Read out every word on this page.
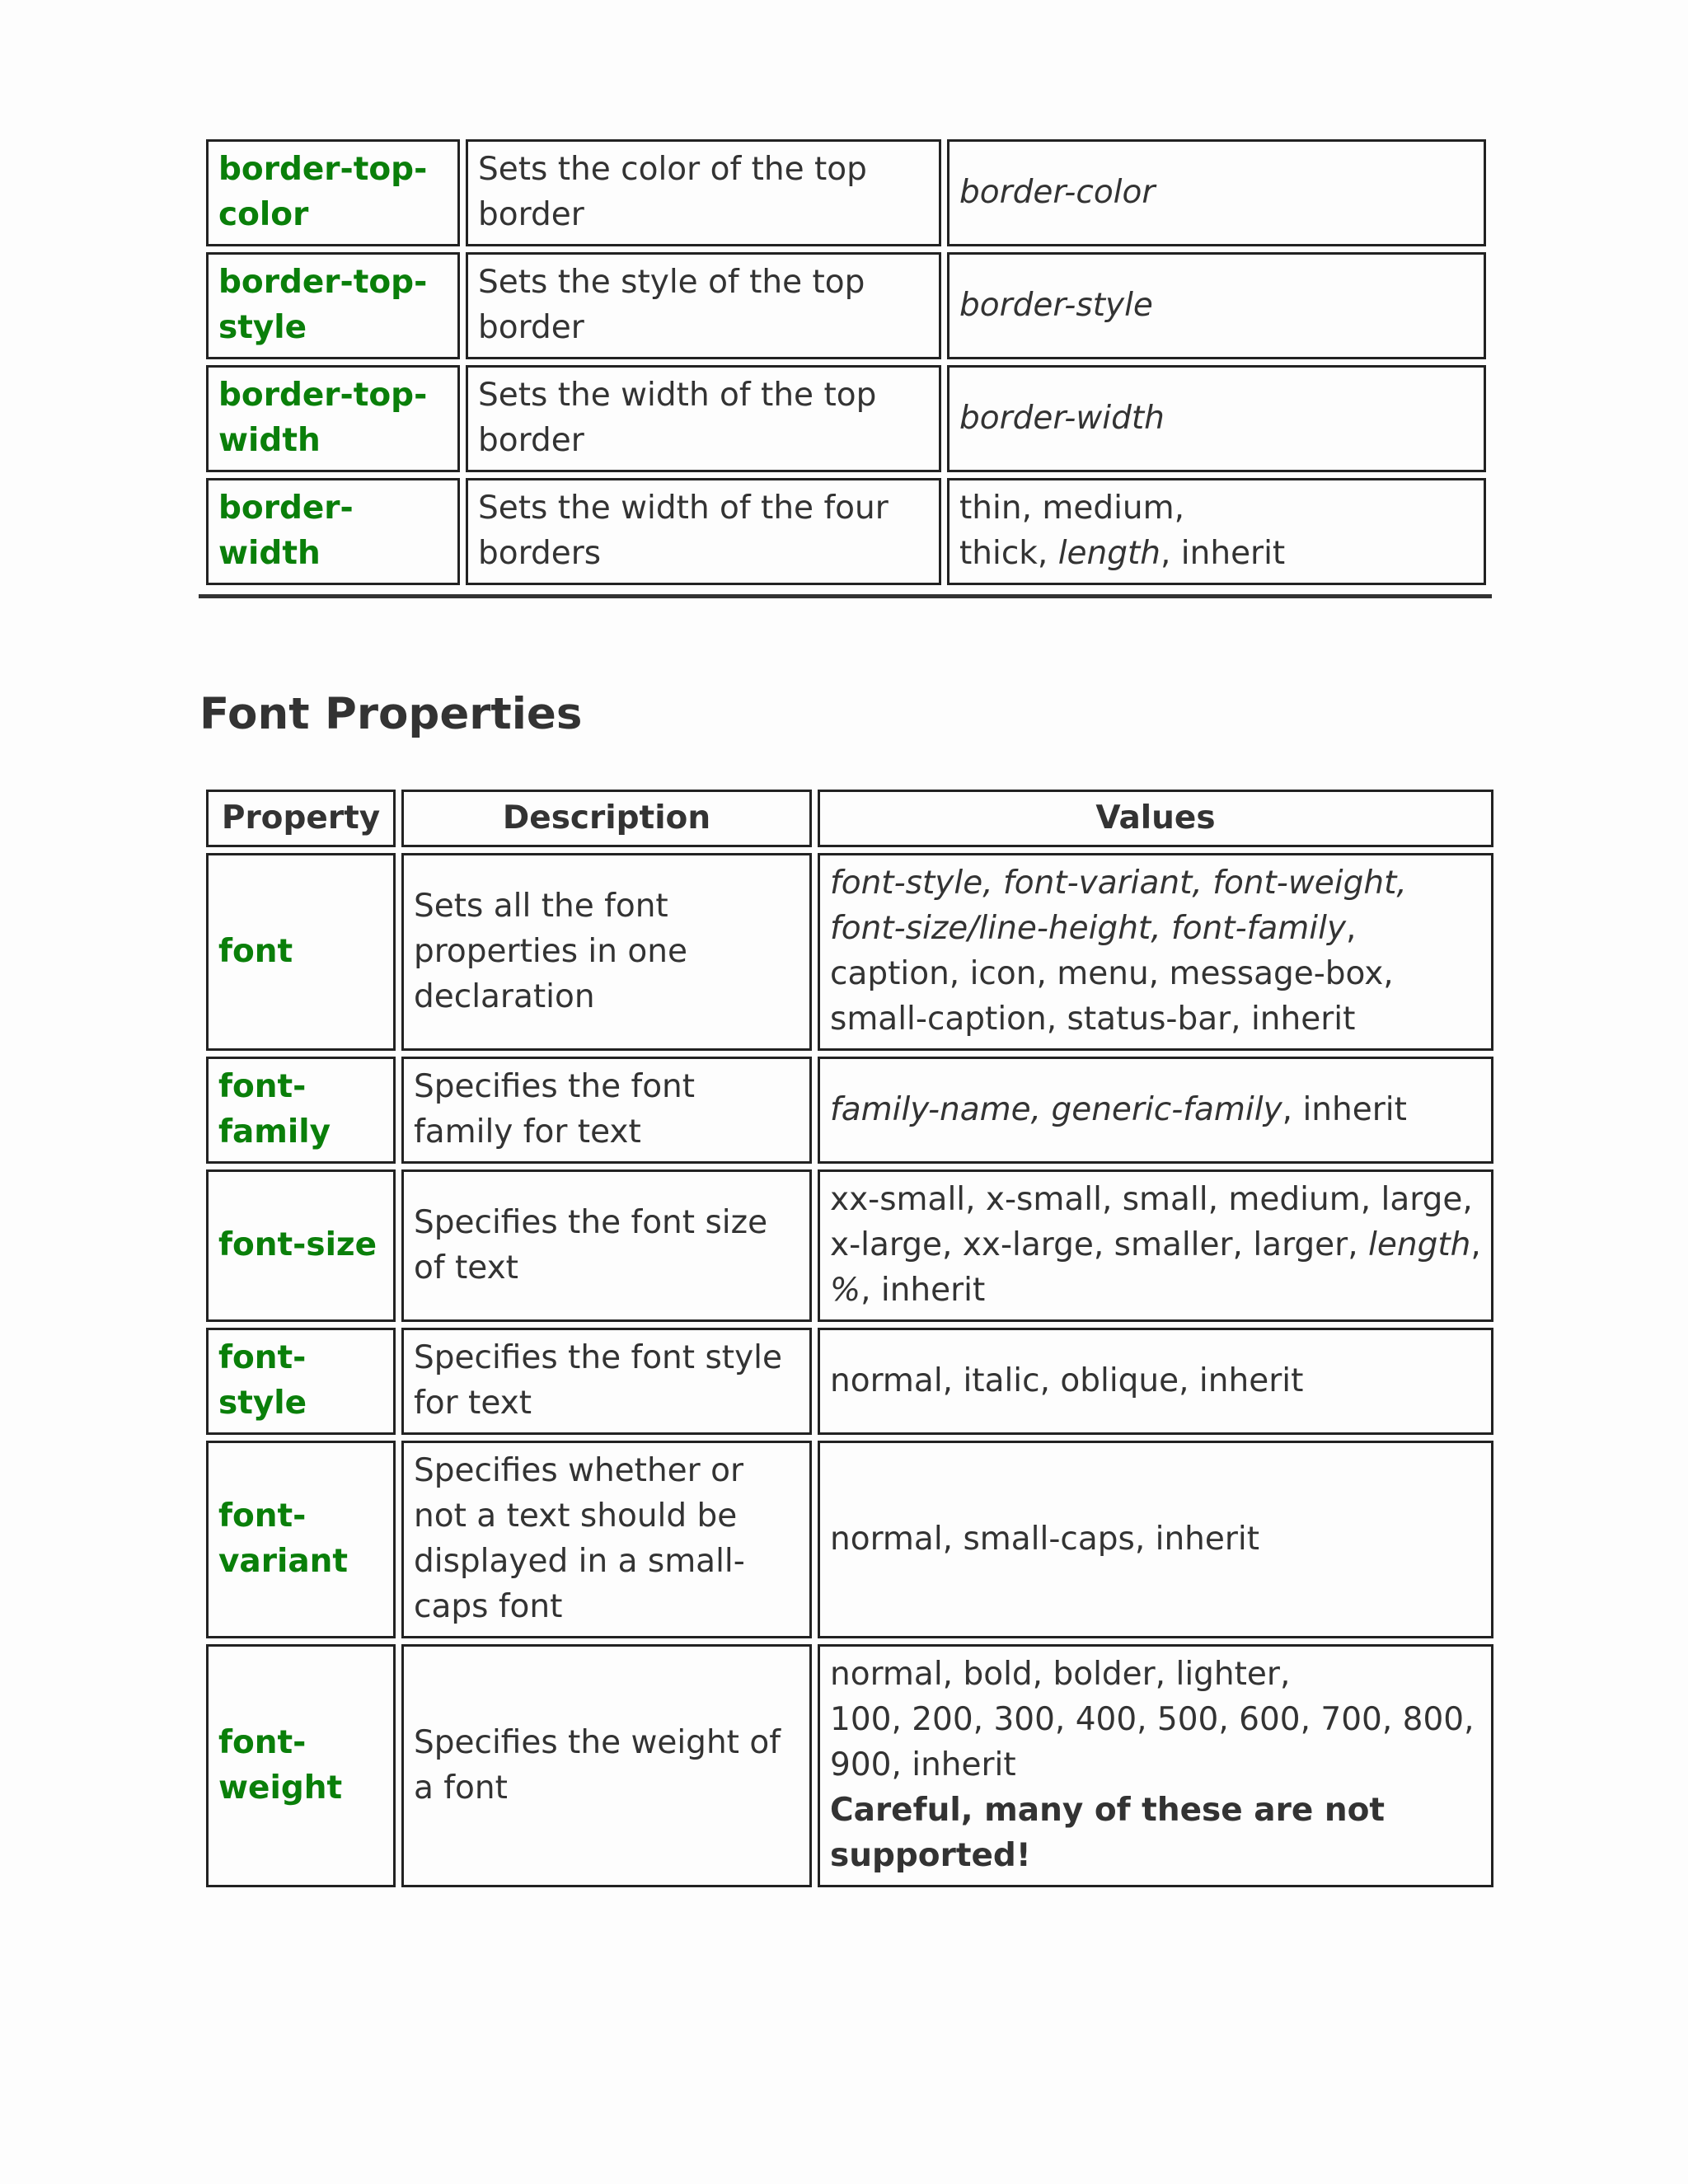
border-top-color	Sets the color of the top border	border-color
border-top-style	Sets the style of the top border	border-style
border-top-width	Sets the width of the top border	border-width
border-width	Sets the width of the four borders	thin, medium,
thick, length, inherit
Font Properties
Property	Description	Values
font	Sets all the font properties in one declaration	font-style, font-variant, font-weight, font-size/line-height, font-family, caption, icon, menu, message-box, small-caption, status-bar, inherit
font-family	Specifies the font family for text	family-name, generic-family, inherit
font-size	Specifies the font size of text	xx-small, x-small, small, medium, large, x-large, xx-large, smaller, larger, length, %, inherit
font-style	Specifies the font style for text	normal, italic, oblique, inherit
font-variant	Specifies whether or not a text should be displayed in a small-caps font	normal, small-caps, inherit
font-weight	Specifies the weight of a font	normal, bold, bolder, lighter,
100, 200, 300, 400, 500, 600, 700, 800, 900, inherit
Careful, many of these are not supported!
